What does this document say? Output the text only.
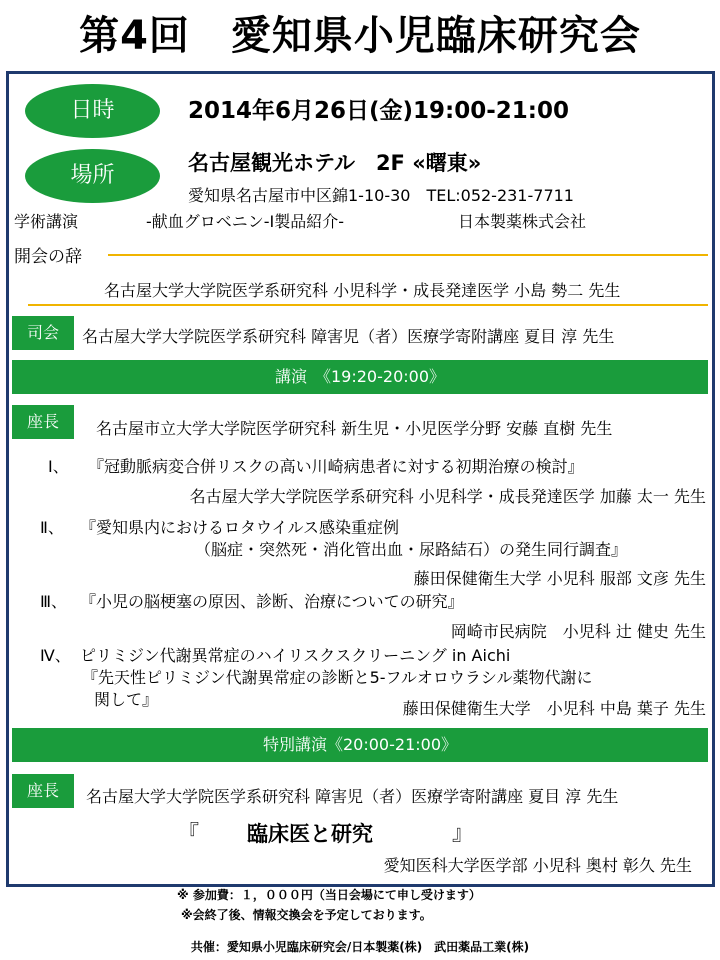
第4回　愛知県小児臨床研究会
日時	2014年6月26日(金)19:00-21:00
場所	名古屋観光ホテル　2F «曙東»
愛知県名古屋市中区錦1-10-30　TEL:052-231-7711
学術講演	-献血グロベニン-I製品紹介-	日本製薬株式会社
開会の辞
名古屋大学大学院医学系研究科 小児科学・成長発達医学 小島 勢二 先生
司会	名古屋大学大学院医学系研究科 障害児（者）医療学寄附講座 夏目 淳 先生
講演　《19:20-20:00》
座長	名古屋市立大学大学院医学研究科 新生児・小児医学分野 安藤 直樹 先生
Ⅰ、 『冠動脈病変合併リスクの高い川崎病患者に対する初期治療の検討』
名古屋大学大学院医学系研究科 小児科学・成長発達医学 加藤 太一 先生
Ⅱ、 『愛知県内におけるロタウイルス感染重症例
（脳症・突然死・消化管出血・尿路結石）の発生同行調査』
藤田保健衛生大学 小児科 服部 文彦 先生
Ⅲ、 『小児の脳梗塞の原因、診断、治療についての研究』
岡崎市民病院　小児科 辻 健史 先生
Ⅳ、 ピリミジン代謝異常症のハイリスクスクリーニング in Aichi
『先天性ピリミジン代謝異常症の診断と5-フルオロウラシル薬物代謝に
関して』	藤田保健衛生大学　小児科 中島 葉子 先生
特別講演《20:00-21:00》
座長	名古屋大学大学院医学系研究科 障害児（者）医療学寄附講座 夏目 淳 先生
『 臨床医と研究	』
愛知医科大学医学部 小児科 奥村 彰久 先生
※ 参加費：１，０００円（当日会場にて申し受けます）
※会終了後、情報交換会を予定しております。
共催：愛知県小児臨床研究会/日本製薬(株)　武田薬品工業(株)
